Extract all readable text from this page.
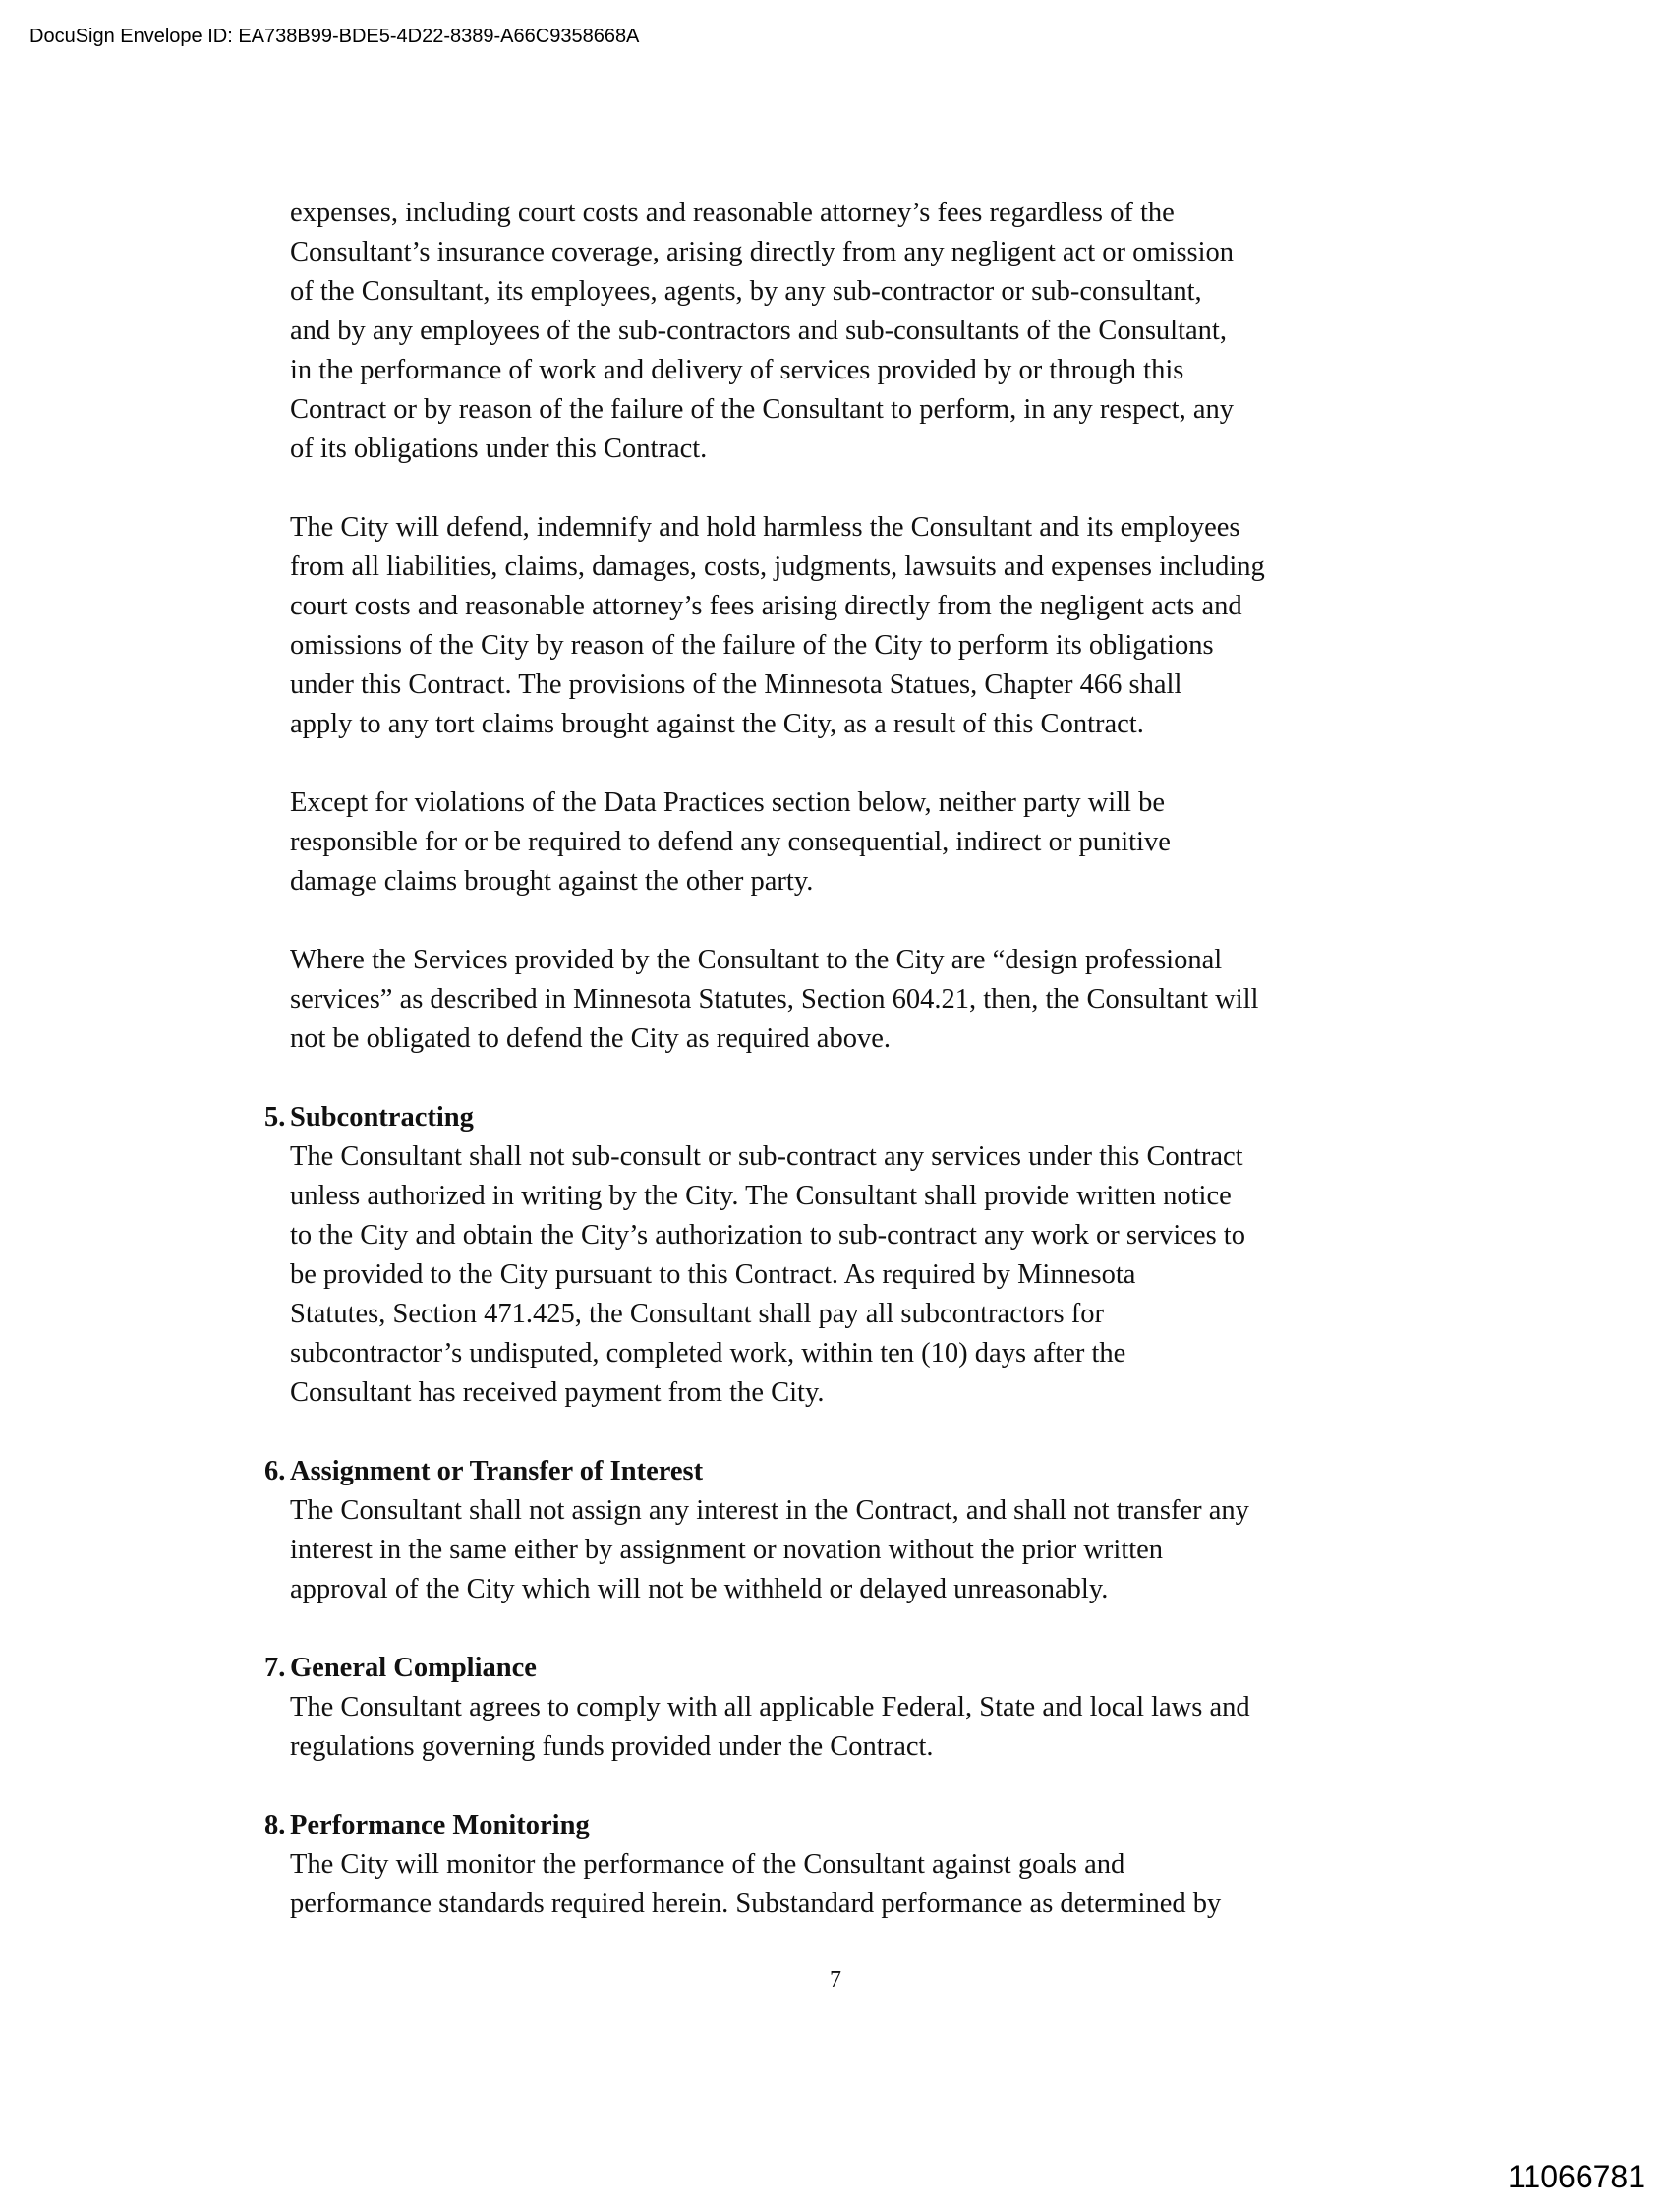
DocuSign Envelope ID: EA738B99-BDE5-4D22-8389-A66C9358668A
expenses, including court costs and reasonable attorney’s fees regardless of the
Consultant’s insurance coverage, arising directly from any negligent act or omission
of the Consultant, its employees, agents, by any sub-contractor or sub-consultant,
and by any employees of the sub-contractors and sub-consultants of the Consultant,
in the performance of work and delivery of services provided by or through this
Contract or by reason of the failure of the Consultant to perform, in any respect, any
of its obligations under this Contract.
The City will defend, indemnify and hold harmless the Consultant and its employees
from all liabilities, claims, damages, costs, judgments, lawsuits and expenses including
court costs and reasonable attorney’s fees arising directly from the negligent acts and
omissions of the City by reason of the failure of the City to perform its obligations
under this Contract. The provisions of the Minnesota Statues, Chapter 466 shall
apply to any tort claims brought against the City, as a result of this Contract.
Except for violations of the Data Practices section below, neither party will be
responsible for or be required to defend any consequential, indirect or punitive
damage claims brought against the other party.
Where the Services provided by the Consultant to the City are “design professional
services” as described in Minnesota Statutes, Section 604.21, then, the Consultant will
not be obligated to defend the City as required above.
5. Subcontracting
The Consultant shall not sub-consult or sub-contract any services under this Contract
unless authorized in writing by the City. The Consultant shall provide written notice
to the City and obtain the City’s authorization to sub-contract any work or services to
be provided to the City pursuant to this Contract. As required by Minnesota
Statutes, Section 471.425, the Consultant shall pay all subcontractors for
subcontractor’s undisputed, completed work, within ten (10) days after the
Consultant has received payment from the City.
6. Assignment or Transfer of Interest
The Consultant shall not assign any interest in the Contract, and shall not transfer any
interest in the same either by assignment or novation without the prior written
approval of the City which will not be withheld or delayed unreasonably.
7. General Compliance
The Consultant agrees to comply with all applicable Federal, State and local laws and
regulations governing funds provided under the Contract.
8. Performance Monitoring
The City will monitor the performance of the Consultant against goals and
performance standards required herein. Substandard performance as determined by
7
11066781
